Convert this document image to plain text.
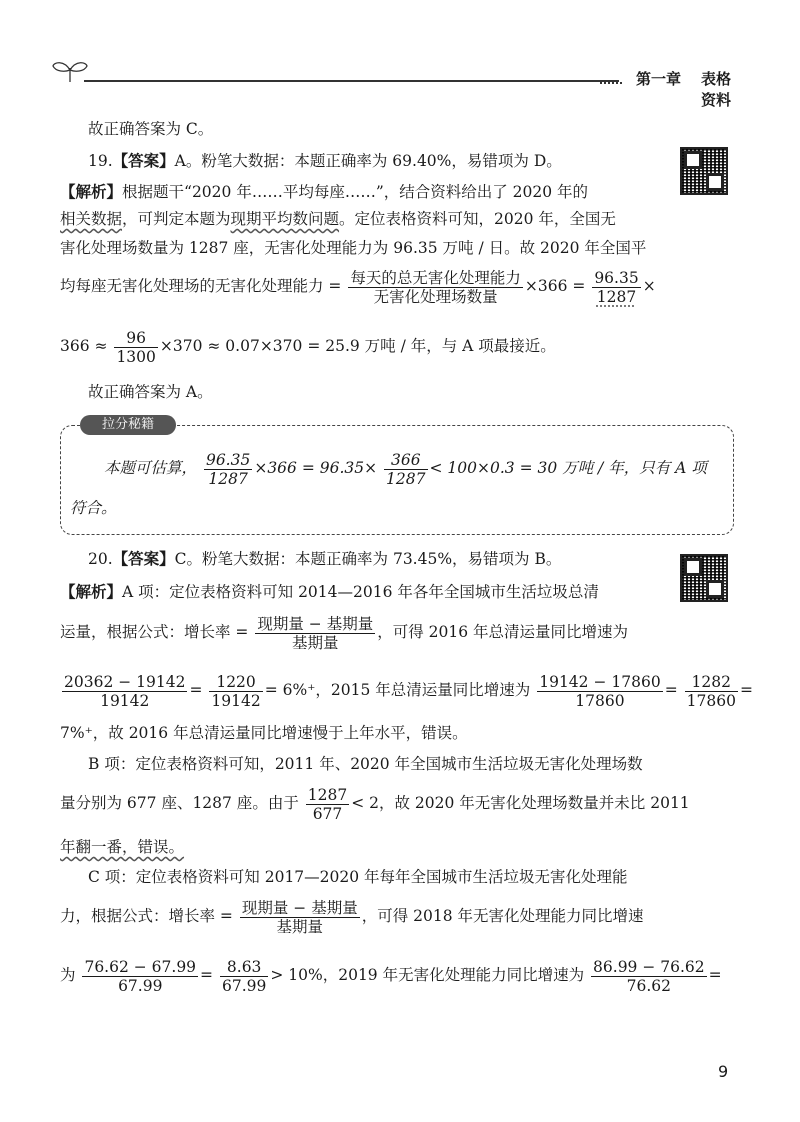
第一章 表格资料
故正确答案为 C。
19.【答案】A。粉笔大数据：本题正确率为 69.40%，易错项为 D。
【解析】根据题干“2020 年……平均每座……”，结合资料给出了 2020 年的
相关数据，可判定本题为现期平均数问题。定位表格资料可知，2020 年，全国无
害化处理场数量为 1287 座，无害化处理能力为 96.35 万吨 / 日。故 2020 年全国平
均每座无害化处理场的无害化处理能力 = $\frac{\text{每天的总无害化处理能力}}{\text{无害化处理场数量}} \times 366 = \frac{96.35}{1287}$ ×
$366 \approx \frac{96}{1300} \times 370 \approx 0.07\times 370 = 25.9$ 万吨 / 年，与 A 项最接近。
故正确答案为 A。
拉分秘籍
本题可估算， $\frac{96.35}{1287} \times 366 = 96.35\times \frac{366}{1287} < 100\times 0.3 = 30$ 万吨 / 年，只有 A 项
符合。
20.【答案】C。粉笔大数据：本题正确率为 73.45%，易错项为 B。
【解析】A 项：定位表格资料可知 2014—2016 年各年全国城市生活垃圾总清
运量，根据公式：增长率 = $\frac{\text{现期量 − 基期量}}{\text{基期量}}$ ，可得 2016 年总清运量同比增速为
$\frac{20362 - 19142}{19142} = \frac{1220}{19142} = 6\%^+$，2015 年总清运量同比增速为 $\frac{19142 - 17860}{17860} = \frac{1282}{17860}$ =
7%⁺，故 2016 年总清运量同比增速慢于上年水平，错误。
B 项：定位表格资料可知，2011 年、2020 年全国城市生活垃圾无害化处理场数
量分别为 677 座、1287 座。由于 $\frac{1287}{677} < 2$，故 2020 年无害化处理场数量并未比 2011
年翻一番，错误。
C 项：定位表格资料可知 2017—2020 年每年全国城市生活垃圾无害化处理能
力，根据公式：增长率 = $\frac{\text{现期量 − 基期量}}{\text{基期量}}$ ，可得 2018 年无害化处理能力同比增速
为 $\frac{76.62 - 67.99}{67.99} = \frac{8.63}{67.99} > 10\%$，2019 年无害化处理能力同比增速为 $\frac{86.99 - 76.62}{76.62}$ =
9
